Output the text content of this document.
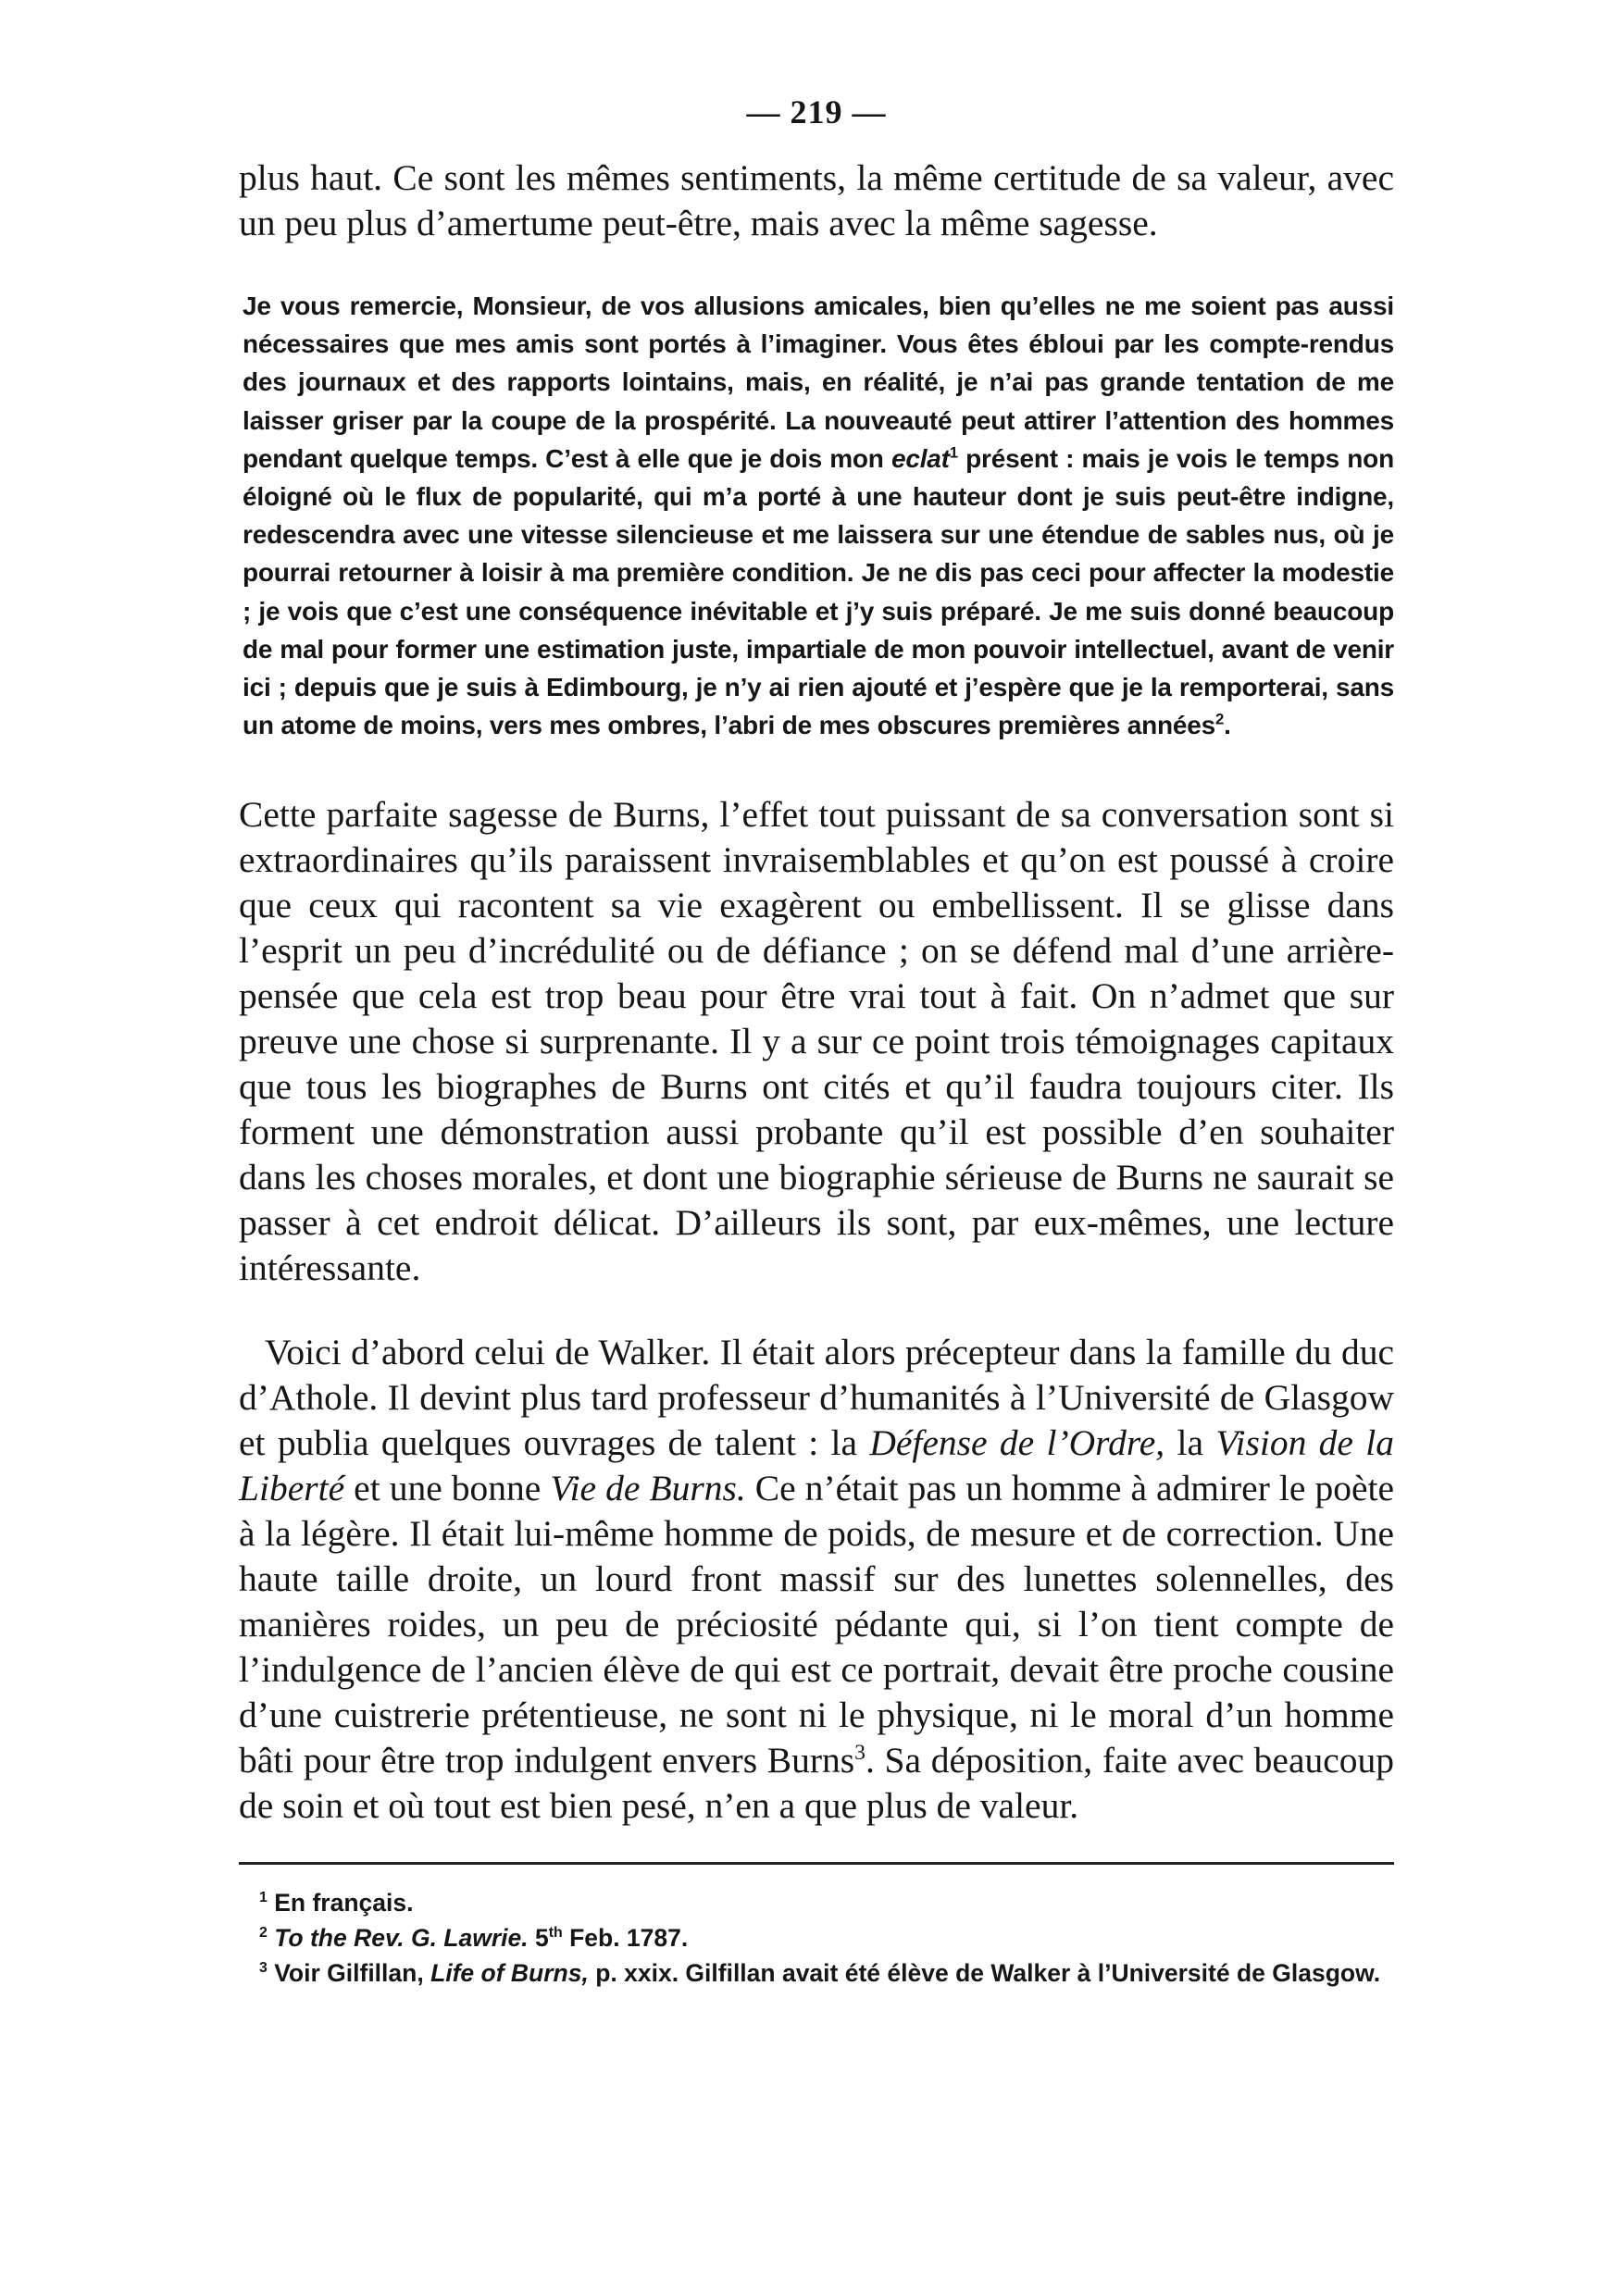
— 219 —

plus haut. Ce sont les mêmes sentiments, la même certitude de sa valeur, avec un peu plus d’amertume peut-être, mais avec la même sagesse.

Je vous remercie, Monsieur, de vos allusions amicales, bien qu’elles ne me soient pas aussi nécessaires que mes amis sont portés à l’imaginer. Vous êtes ébloui par les compte-rendus des journaux et des rapports lointains, mais, en réalité, je n’ai pas grande tentation de me laisser griser par la coupe de la prospérité. La nouveauté peut attirer l’attention des hommes pendant quelque temps. C’est à elle que je dois mon eclat$^1$ présent : mais je vois le temps non éloigné où le flux de popularité, qui m’a porté à une hauteur dont je suis peut-être indigne, redescendra avec une vitesse silencieuse et me laissera sur une étendue de sables nus, où je pourrai retourner à loisir à ma première condition. Je ne dis pas ceci pour affecter la modestie ; je vois que c’est une conséquence inévitable et j’y suis préparé. Je me suis donné beaucoup de mal pour former une estimation juste, impartiale de mon pouvoir intellectuel, avant de venir ici ; depuis que je suis à Edimbourg, je n’y ai rien ajouté et j’espère que je la remporterai, sans un atome de moins, vers mes ombres, l’abri de mes obscures premières années$^2$.

Cette parfaite sagesse de Burns, l’effet tout puissant de sa conversation sont si extraordinaires qu’ils paraissent invraisemblables et qu’on est poussé à croire que ceux qui racontent sa vie exagèrent ou embellissent. Il se glisse dans l’esprit un peu d’incrédulité ou de défiance ; on se défend mal d’une arrière-pensée que cela est trop beau pour être vrai tout à fait. On n’admet que sur preuve une chose si surprenante. Il y a sur ce point trois témoignages capitaux que tous les biographes de Burns ont cités et qu’il faudra toujours citer. Ils forment une démonstration aussi probante qu’il est possible d’en souhaiter dans les choses morales, et dont une biographie sérieuse de Burns ne saurait se passer à cet endroit délicat. D’ailleurs ils sont, par eux-mêmes, une lecture intéressante.

Voici d’abord celui de Walker. Il était alors précepteur dans la famille du duc d’Athole. Il devint plus tard professeur d’humanités à l’Université de Glasgow et publia quelques ouvrages de talent : la Défense de l’Ordre, la Vision de la Liberté et une bonne Vie de Burns. Ce n’était pas un homme à admirer le poète à la légère. Il était lui-même homme de poids, de mesure et de correction. Une haute taille droite, un lourd front massif sur des lunettes solennelles, des manières roides, un peu de préciosité pédante qui, si l’on tient compte de l’indulgence de l’ancien élève de qui est ce portrait, devait être proche cousine d’une cuistrerie prétentieuse, ne sont ni le physique, ni le moral d’un homme bâti pour être trop indulgent envers Burns$^3$. Sa déposition, faite avec beaucoup de soin et où tout est bien pesé, n’en a que plus de valeur.

$^1$ En français.

$^2$ To the Rev. G. Lawrie. 5th Feb. 1787.

$^3$ Voir Gilfillan, Life of Burns, p. xxix. Gilfillan avait été élève de Walker à l’Université de Glasgow.
